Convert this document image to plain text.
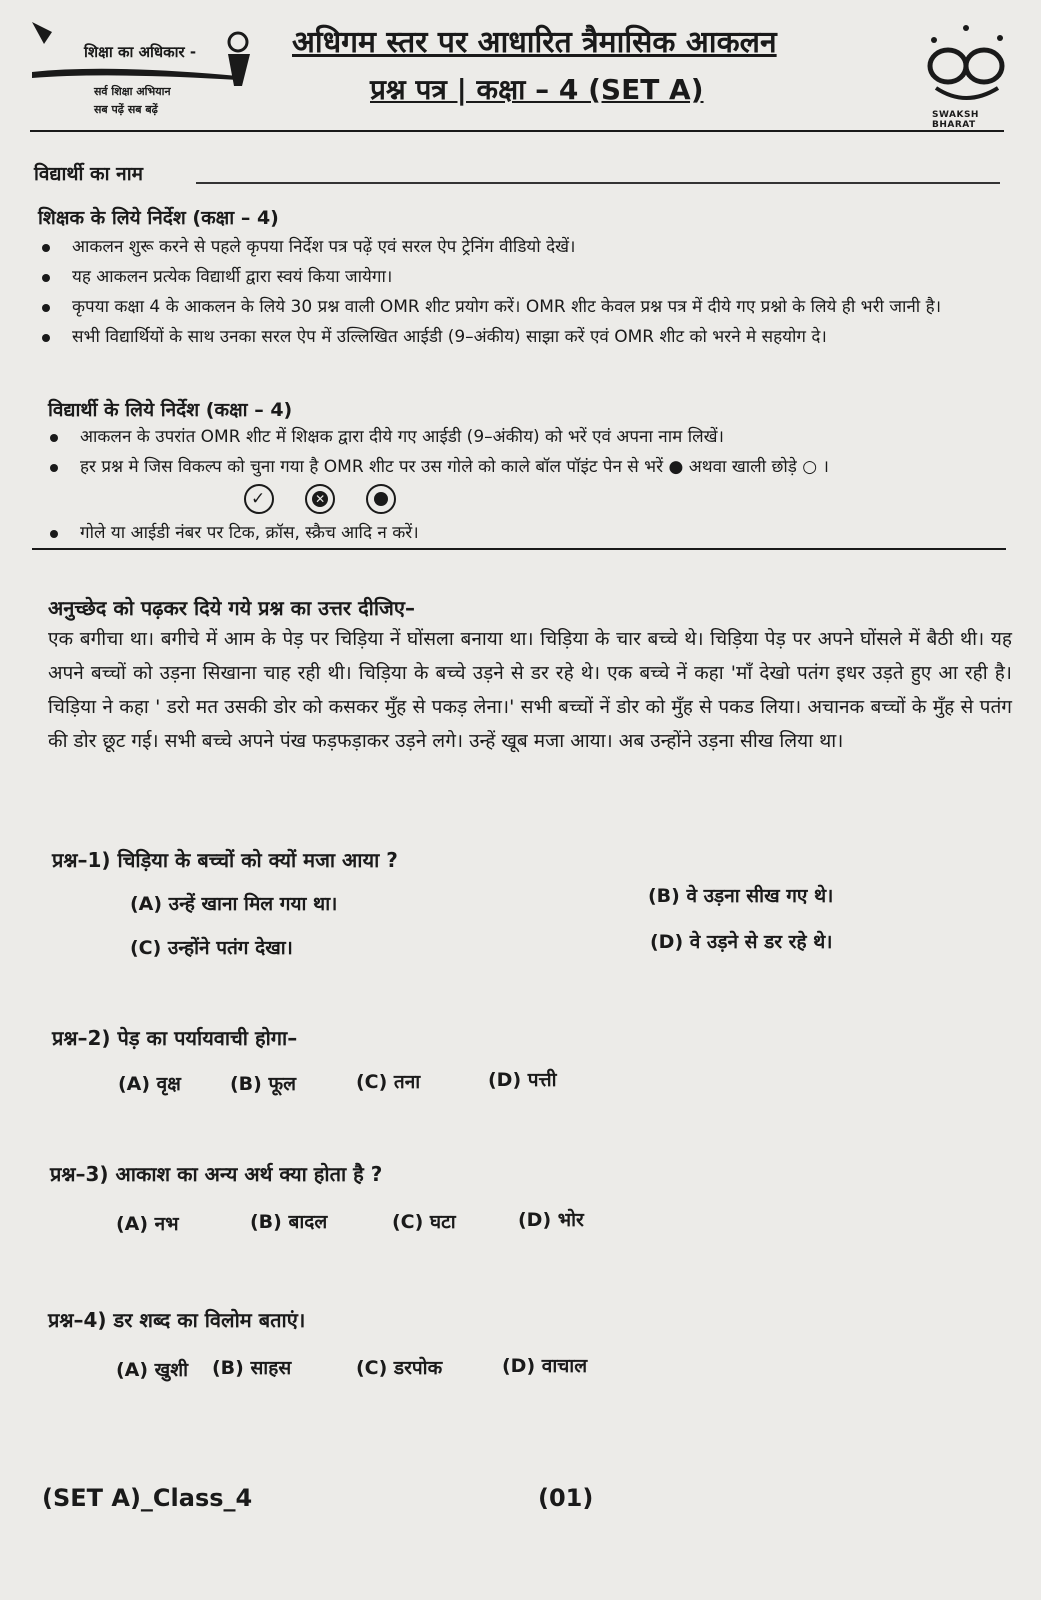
शिक्षा का अधिकार -
सर्व शिक्षा अभियान
सब पढ़ें सब बढ़ें
अधिगम स्तर पर आधारित त्रैमासिक आकलन
प्रश्न पत्र | कक्षा – 4 (SET A)
SWAKSH BHARAT
विद्यार्थी का नाम
शिक्षक के लिये निर्देश (कक्षा – 4)
आकलन शुरू करने से पहले कृपया निर्देश पत्र पढ़ें एवं सरल ऐप ट्रेनिंग वीडियो देखें।
यह आकलन प्रत्येक विद्यार्थी द्वारा स्वयं किया जायेगा।
कृपया कक्षा 4 के आकलन के लिये 30 प्रश्न वाली OMR शीट प्रयोग करें। OMR शीट केवल प्रश्न पत्र में दीये गए प्रश्नो के लिये ही भरी जानी है।
सभी विद्यार्थियों के साथ उनका सरल ऐप में उल्लिखित आईडी (9–अंकीय) साझा करें एवं OMR शीट को भरने मे सहयोग दे।
विद्यार्थी के लिये निर्देश (कक्षा – 4)
आकलन के उपरांत OMR शीट में शिक्षक द्वारा दीये गए आईडी (9–अंकीय) को भरें एवं अपना नाम लिखें।
हर प्रश्न मे जिस विकल्प को चुना गया है OMR शीट पर उस गोले को काले बॉल पॉइंट पेन से भरें ● अथवा खाली छोड़े ○ ।
✓
	✕

गोले या आईडी नंबर पर टिक, क्रॉस, स्क्रैच आदि न करें।
अनुच्छेद को पढ़कर दिये गये प्रश्न का उत्तर दीजिए–
एक बगीचा था। बगीचे में आम के पेड़ पर चिड़िया नें घोंसला बनाया था। चिड़िया के चार बच्चे थे। चिड़िया पेड़ पर अपने घोंसले में बैठी थी। यह अपने बच्चों को उड़ना सिखाना चाह रही थी। चिड़िया के बच्चे उड़ने से डर रहे थे। एक बच्चे नें कहा 'माँ देखो पतंग इधर उड़ते हुए आ रही है। चिड़िया ने कहा ' डरो मत उसकी डोर को कसकर मुँह से पकड़ लेना।' सभी बच्चों नें डोर को मुँह से पकड लिया। अचानक बच्चों के मुँह से पतंग की डोर छूट गई। सभी बच्चे अपने पंख फड़फड़ाकर उड़ने लगे। उन्हें खूब मजा आया। अब उन्होंने उड़ना सीख लिया था।
प्रश्न–1) चिड़िया के बच्चों को क्यों मजा आया ?
(A) उन्हें खाना मिल गया था।	(B) वे उड़ना सीख गए थे।
(C) उन्होंने पतंग देखा।	(D) वे उड़ने से डर रहे थे।
प्रश्न–2) पेड़ का पर्यायवाची होगा–
(A) वृक्ष	(B) फूल	(C) तना	(D) पत्ती
प्रश्न–3) आकाश का अन्य अर्थ क्या होता है ?
(A) नभ	(B) बादल	(C) घटा	(D) भोर
प्रश्न–4) डर शब्द का विलोम बताएं।
(A) खुशी (B) साहस	(C) डरपोक	(D) वाचाल
(SET A)_Class_4	(01)
